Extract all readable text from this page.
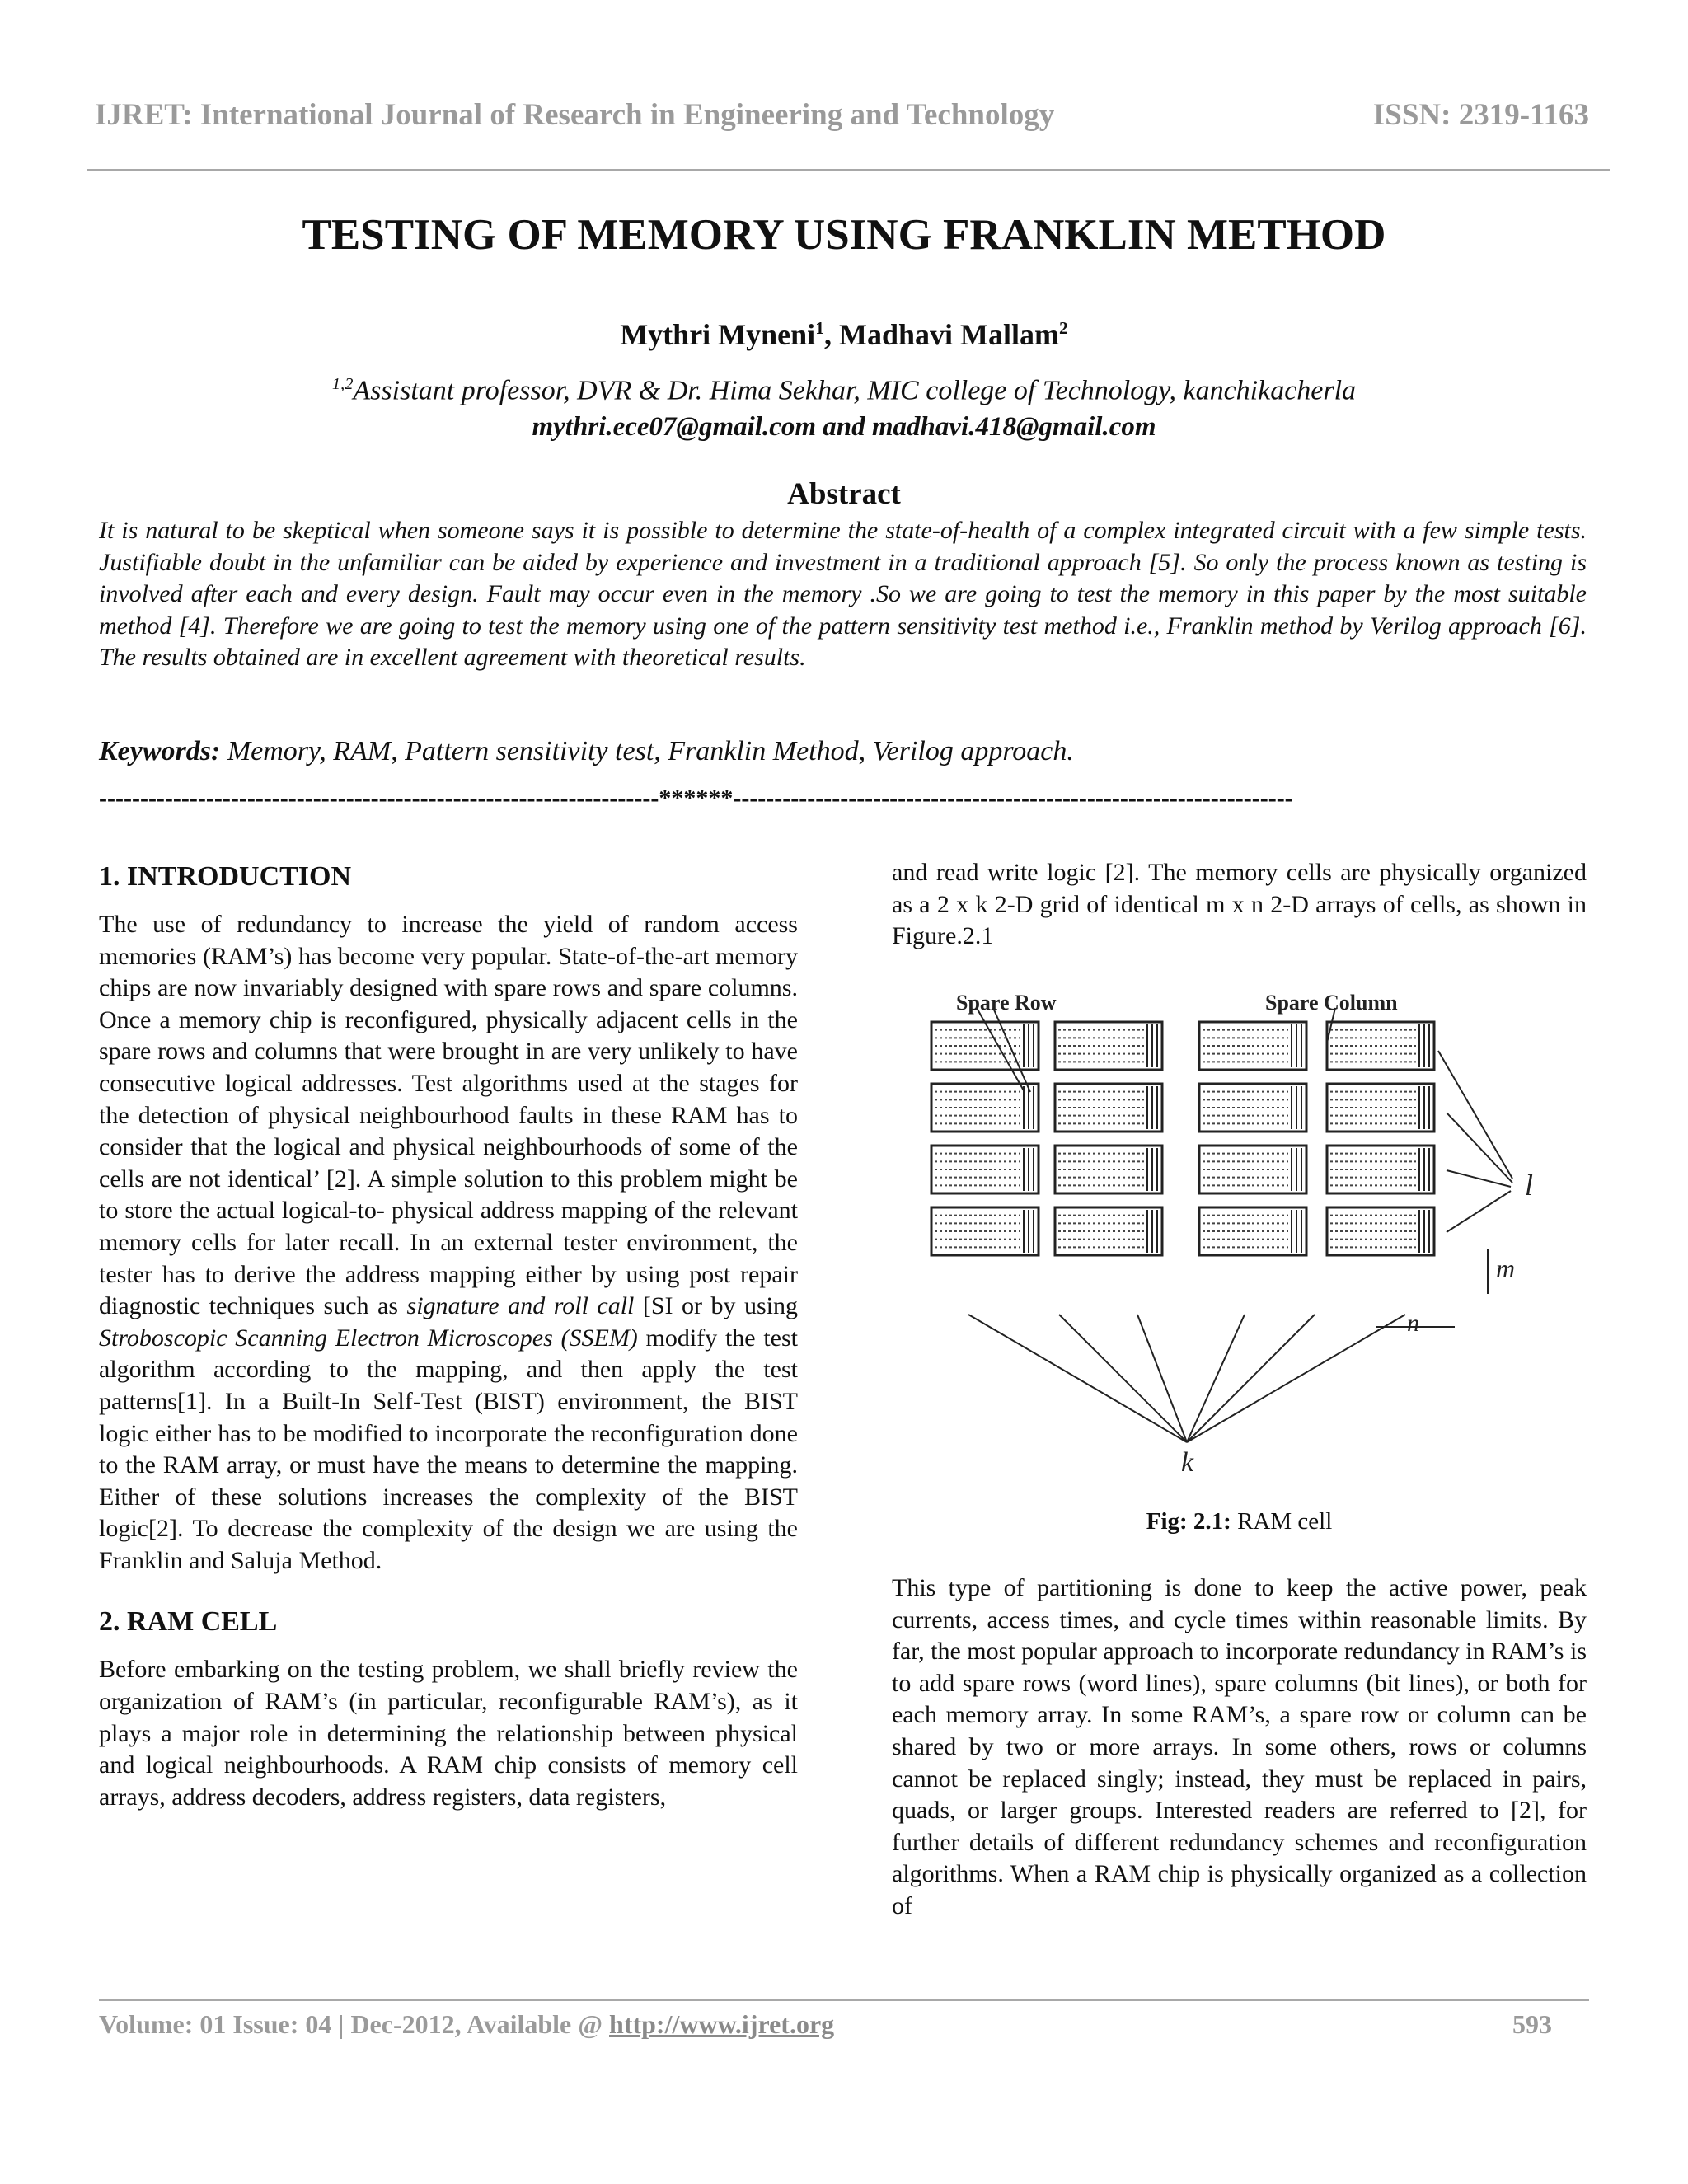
IJRET: International Journal of Research in Engineering and Technology	ISSN: 2319-1163
TESTING OF MEMORY USING FRANKLIN METHOD
Mythri Myneni$^1$, Madhavi Mallam$^2$
$^{1,2}$Assistant professor, DVR & Dr. Hima Sekhar, MIC college of Technology, kanchikacherla
mythri.ece07@gmail.com and madhavi.418@gmail.com
Abstract
It is natural to be skeptical when someone says it is possible to determine the state-of-health of a complex integrated circuit with a few simple tests. Justifiable doubt in the unfamiliar can be aided by experience and investment in a traditional approach [5]. So only the process known as testing is involved after each and every design. Fault may occur even in the memory .So we are going to test the memory in this paper by the most suitable method [4]. Therefore we are going to test the memory using one of the pattern sensitivity test method i.e., Franklin method by Verilog approach [6]. The results obtained are in excellent agreement with theoretical results.
Keywords: Memory, RAM, Pattern sensitivity test, Franklin Method, Verilog approach.
--------------------------------------------------------------------******--------------------------------------------------------------------
1. INTRODUCTION

The use of redundancy to increase the yield of random access memories (RAM’s) has become very popular. State-of-the-art memory chips are now invariably designed with spare rows and spare columns. Once a memory chip is reconfigured, physically adjacent cells in the spare rows and columns that were brought in are very unlikely to have consecutive logical addresses. Test algorithms used at the stages for the detection of physical neighbourhood faults in these RAM has to consider that the logical and physical neighbourhoods of some of the cells are not identical’ [2]. A simple solution to this problem might be to store the actual logical-to- physical address mapping of the relevant memory cells for later recall. In an external tester environment, the tester has to derive the address mapping either by using post repair diagnostic techniques such as signature and roll call [SI or by using Stroboscopic Scanning Electron Microscopes (SSEM) modify the test algorithm according to the mapping, and then apply the test patterns[1]. In a Built-In Self-Test (BIST) environment, the BIST logic either has to be modified to incorporate the reconfiguration done to the RAM array, or must have the means to determine the mapping. Either of these solutions increases the complexity of the BIST logic[2]. To decrease the complexity of the design we are using the Franklin and Saluja Method.

2. RAM CELL

Before embarking on the testing problem, we shall briefly review the organization of RAM’s (in particular, reconfigurable RAM’s), as it plays a major role in determining the relationship between physical and logical neighbourhoods. A RAM chip consists of memory cell arrays, address decoders, address registers, data registers,

and read write logic [2]. The memory cells are physically organized as a 2 x k 2-D grid of identical m x n 2-D arrays of cells, as shown in Figure.2.1

Spare Row	Spare Column
l
m
n
k
Fig: 2.1: RAM cell

This type of partitioning is done to keep the active power, peak currents, access times, and cycle times within reasonable limits. By far, the most popular approach to incorporate redundancy in RAM’s is to add spare rows (word lines), spare columns (bit lines), or both for each memory array. In some RAM’s, a spare row or column can be shared by two or more arrays. In some others, rows or columns cannot be replaced singly; instead, they must be replaced in pairs, quads, or larger groups. Interested readers are referred to [2], for further details of different redundancy schemes and reconfiguration algorithms. When a RAM chip is physically organized as a collection of

Volume: 01 Issue: 04 | Dec-2012, Available @ http://www.ijret.org	593
